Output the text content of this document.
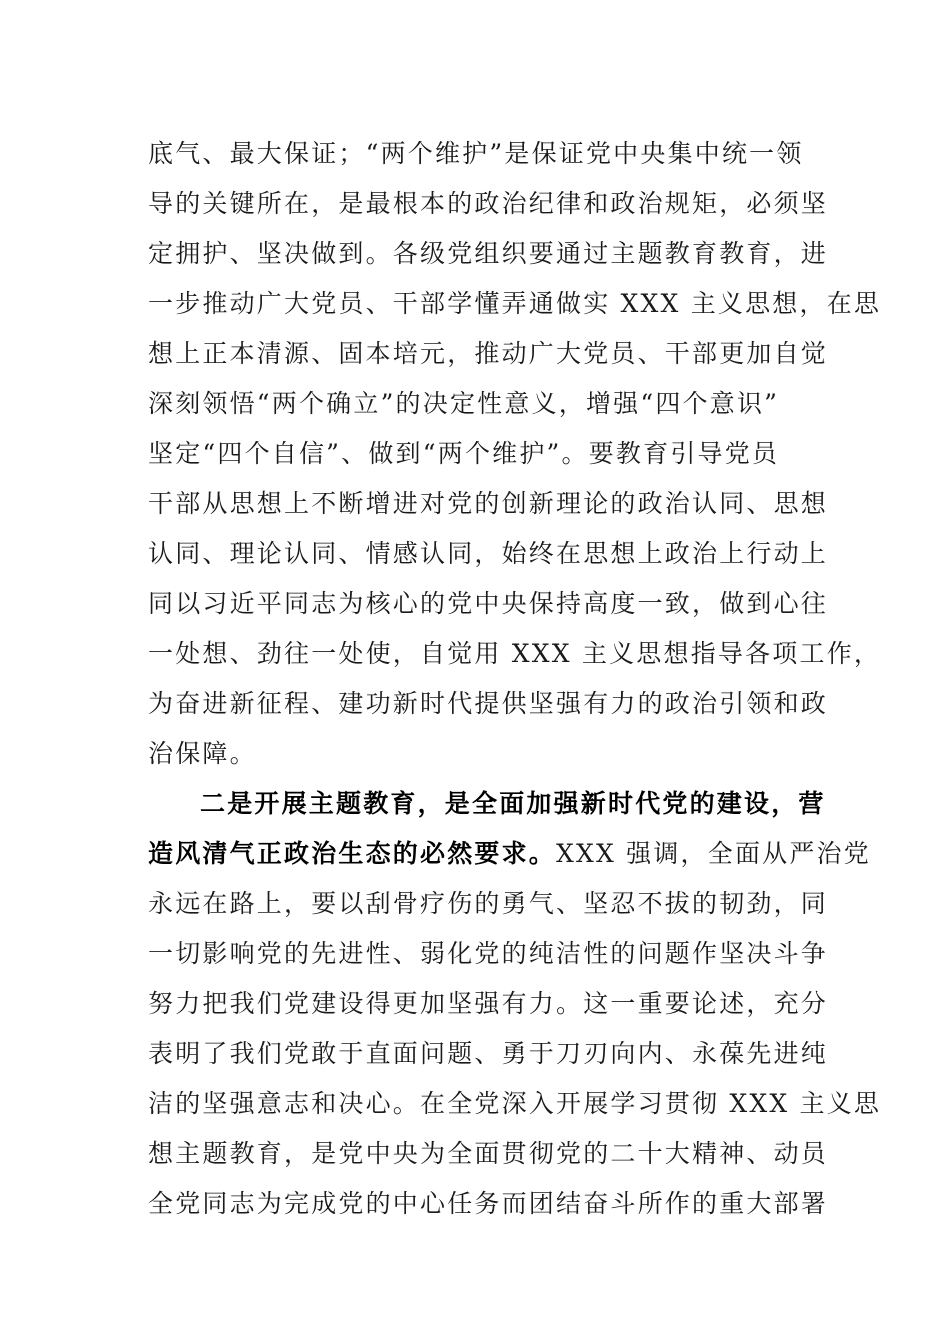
底气、最大保证；“两个维护”是保证党中央集中统一领
导的关键所在，是最根本的政治纪律和政治规矩，必须坚
定拥护、坚决做到。各级党组织要通过主题教育教育，进
一步推动广大党员、干部学懂弄通做实 XXX 主义思想，在思
想上正本清源、固本培元，推动广大党员、干部更加自觉
深刻领悟“两个确立”的决定性意义，增强“四个意识”
坚定“四个自信”、做到“两个维护”。要教育引导党员
干部从思想上不断增进对党的创新理论的政治认同、思想
认同、理论认同、情感认同，始终在思想上政治上行动上
同以习近平同志为核心的党中央保持高度一致，做到心往
一处想、劲往一处使，自觉用 XXX 主义思想指导各项工作，
为奋进新征程、建功新时代提供坚强有力的政治引领和政
治保障。
二是开展主题教育，是全面加强新时代党的建设，营
造风清气正政治生态的必然要求。XXX 强调，全面从严治党
永远在路上，要以刮骨疗伤的勇气、坚忍不拔的韧劲，同
一切影响党的先进性、弱化党的纯洁性的问题作坚决斗争
努力把我们党建设得更加坚强有力。这一重要论述，充分
表明了我们党敢于直面问题、勇于刀刃向内、永葆先进纯
洁的坚强意志和决心。在全党深入开展学习贯彻 XXX 主义思
想主题教育，是党中央为全面贯彻党的二十大精神、动员
全党同志为完成党的中心任务而团结奋斗所作的重大部署
